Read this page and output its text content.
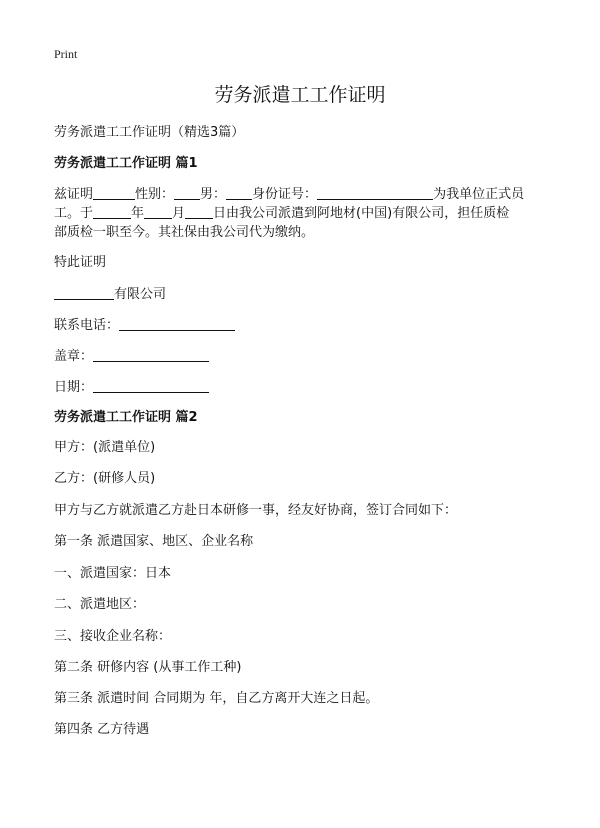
Print
劳务派遣工工作证明
劳务派遣工工作证明（精选3篇）
劳务派遣工工作证明 篇1
兹证明	性别： 男： 身份证号：	为我单位正式员
工。于	年 月 日由我公司派遣到阿地材(中国)有限公司，担任质检
部质检一职至今。其社保由我公司代为缴纳。
特此证明
有限公司
联系电话：
盖章：
日期：
劳务派遣工工作证明 篇2
甲方：(派遣单位)
乙方：(研修人员)
甲方与乙方就派遣乙方赴日本研修一事，经友好协商，签订合同如下：
第一条 派遣国家、地区、企业名称
一、派遣国家：日本
二、派遣地区：
三、接收企业名称：
第二条 研修内容 (从事工作工种)
第三条 派遣时间 合同期为 年，自乙方离开大连之日起。
第四条 乙方待遇
